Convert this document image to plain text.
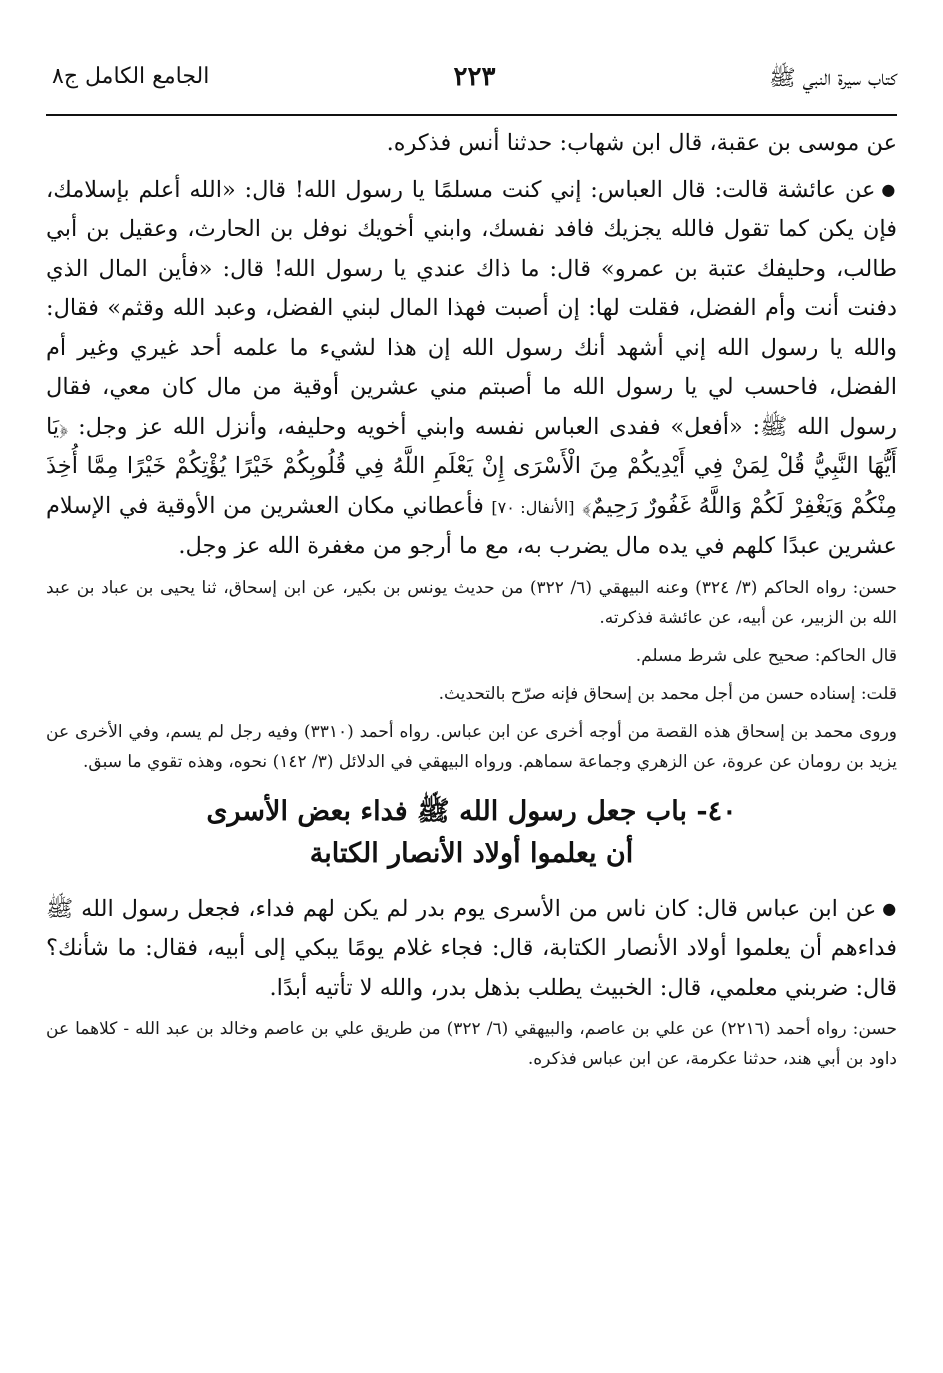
كتاب سيرة النبي ﷺ
٢٢٣
الجامع الكامل ج٨

عن موسى بن عقبة، قال ابن شهاب: حدثنا أنس فذكره.

●عن عائشة قالت: قال العباس: إني كنت مسلمًا يا رسول الله! قال: «الله أعلم بإسلامك، فإن يكن كما تقول فالله يجزيك فافد نفسك، وابني أخويك نوفل بن الحارث، وعقيل بن أبي طالب، وحليفك عتبة بن عمرو» قال: ما ذاك عندي يا رسول الله! قال: «فأين المال الذي دفنت أنت وأم الفضل، فقلت لها: إن أصبت فهذا المال لبني الفضل، وعبد الله وقثم» فقال: والله يا رسول الله إني أشهد أنك رسول الله إن هذا لشيء ما علمه أحد غيري وغير أم الفضل، فاحسب لي يا رسول الله ما أصبتم مني عشرين أوقية من مال كان معي، فقال رسول الله ﷺ: «أفعل» ففدى العباس نفسه وابني أخويه وحليفه، وأنزل الله عز وجل: ﴿يَا أَيُّهَا النَّبِيُّ قُلْ لِمَنْ فِي أَيْدِيكُمْ مِنَ الْأَسْرَى إِنْ يَعْلَمِ اللَّهُ فِي قُلُوبِكُمْ خَيْرًا يُؤْتِكُمْ خَيْرًا مِمَّا أُخِذَ مِنْكُمْ وَيَغْفِرْ لَكُمْ وَاللَّهُ غَفُورٌ رَحِيمٌ﴾ [الأنفال: ٧٠] فأعطاني مكان العشرين من الأوقية في الإسلام عشرين عبدًا كلهم في يده مال يضرب به، مع ما أرجو من مغفرة الله عز وجل.

حسن: رواه الحاكم (٣/ ٣٢٤) وعنه البيهقي (٦/ ٣٢٢) من حديث يونس بن بكير، عن ابن إسحاق، ثنا يحيى بن عباد بن عبد الله بن الزبير، عن أبيه، عن عائشة فذكرته.

قال الحاكم: صحيح على شرط مسلم.

قلت: إسناده حسن من أجل محمد بن إسحاق فإنه صرّح بالتحديث.

وروى محمد بن إسحاق هذه القصة من أوجه أخرى عن ابن عباس. رواه أحمد (٣٣١٠) وفيه رجل لم يسم، وفي الأخرى عن يزيد بن رومان عن عروة، عن الزهري وجماعة سماهم. ورواه البيهقي في الدلائل (٣/ ١٤٢) نحوه، وهذه تقوي ما سبق.

٤٠- باب جعل رسول الله ﷺ فداء بعض الأسرى
أن يعلموا أولاد الأنصار الكتابة

●عن ابن عباس قال: كان ناس من الأسرى يوم بدر لم يكن لهم فداء، فجعل رسول الله ﷺ فداءهم أن يعلموا أولاد الأنصار الكتابة، قال: فجاء غلام يومًا يبكي إلى أبيه، فقال: ما شأنك؟ قال: ضربني معلمي، قال: الخبيث يطلب بذهل بدر، والله لا تأتيه أبدًا.

حسن: رواه أحمد (٢٢١٦) عن علي بن عاصم، والبيهقي (٦/ ٣٢٢) من طريق علي بن عاصم وخالد بن عبد الله - كلاهما عن داود بن أبي هند، حدثنا عكرمة، عن ابن عباس فذكره.
